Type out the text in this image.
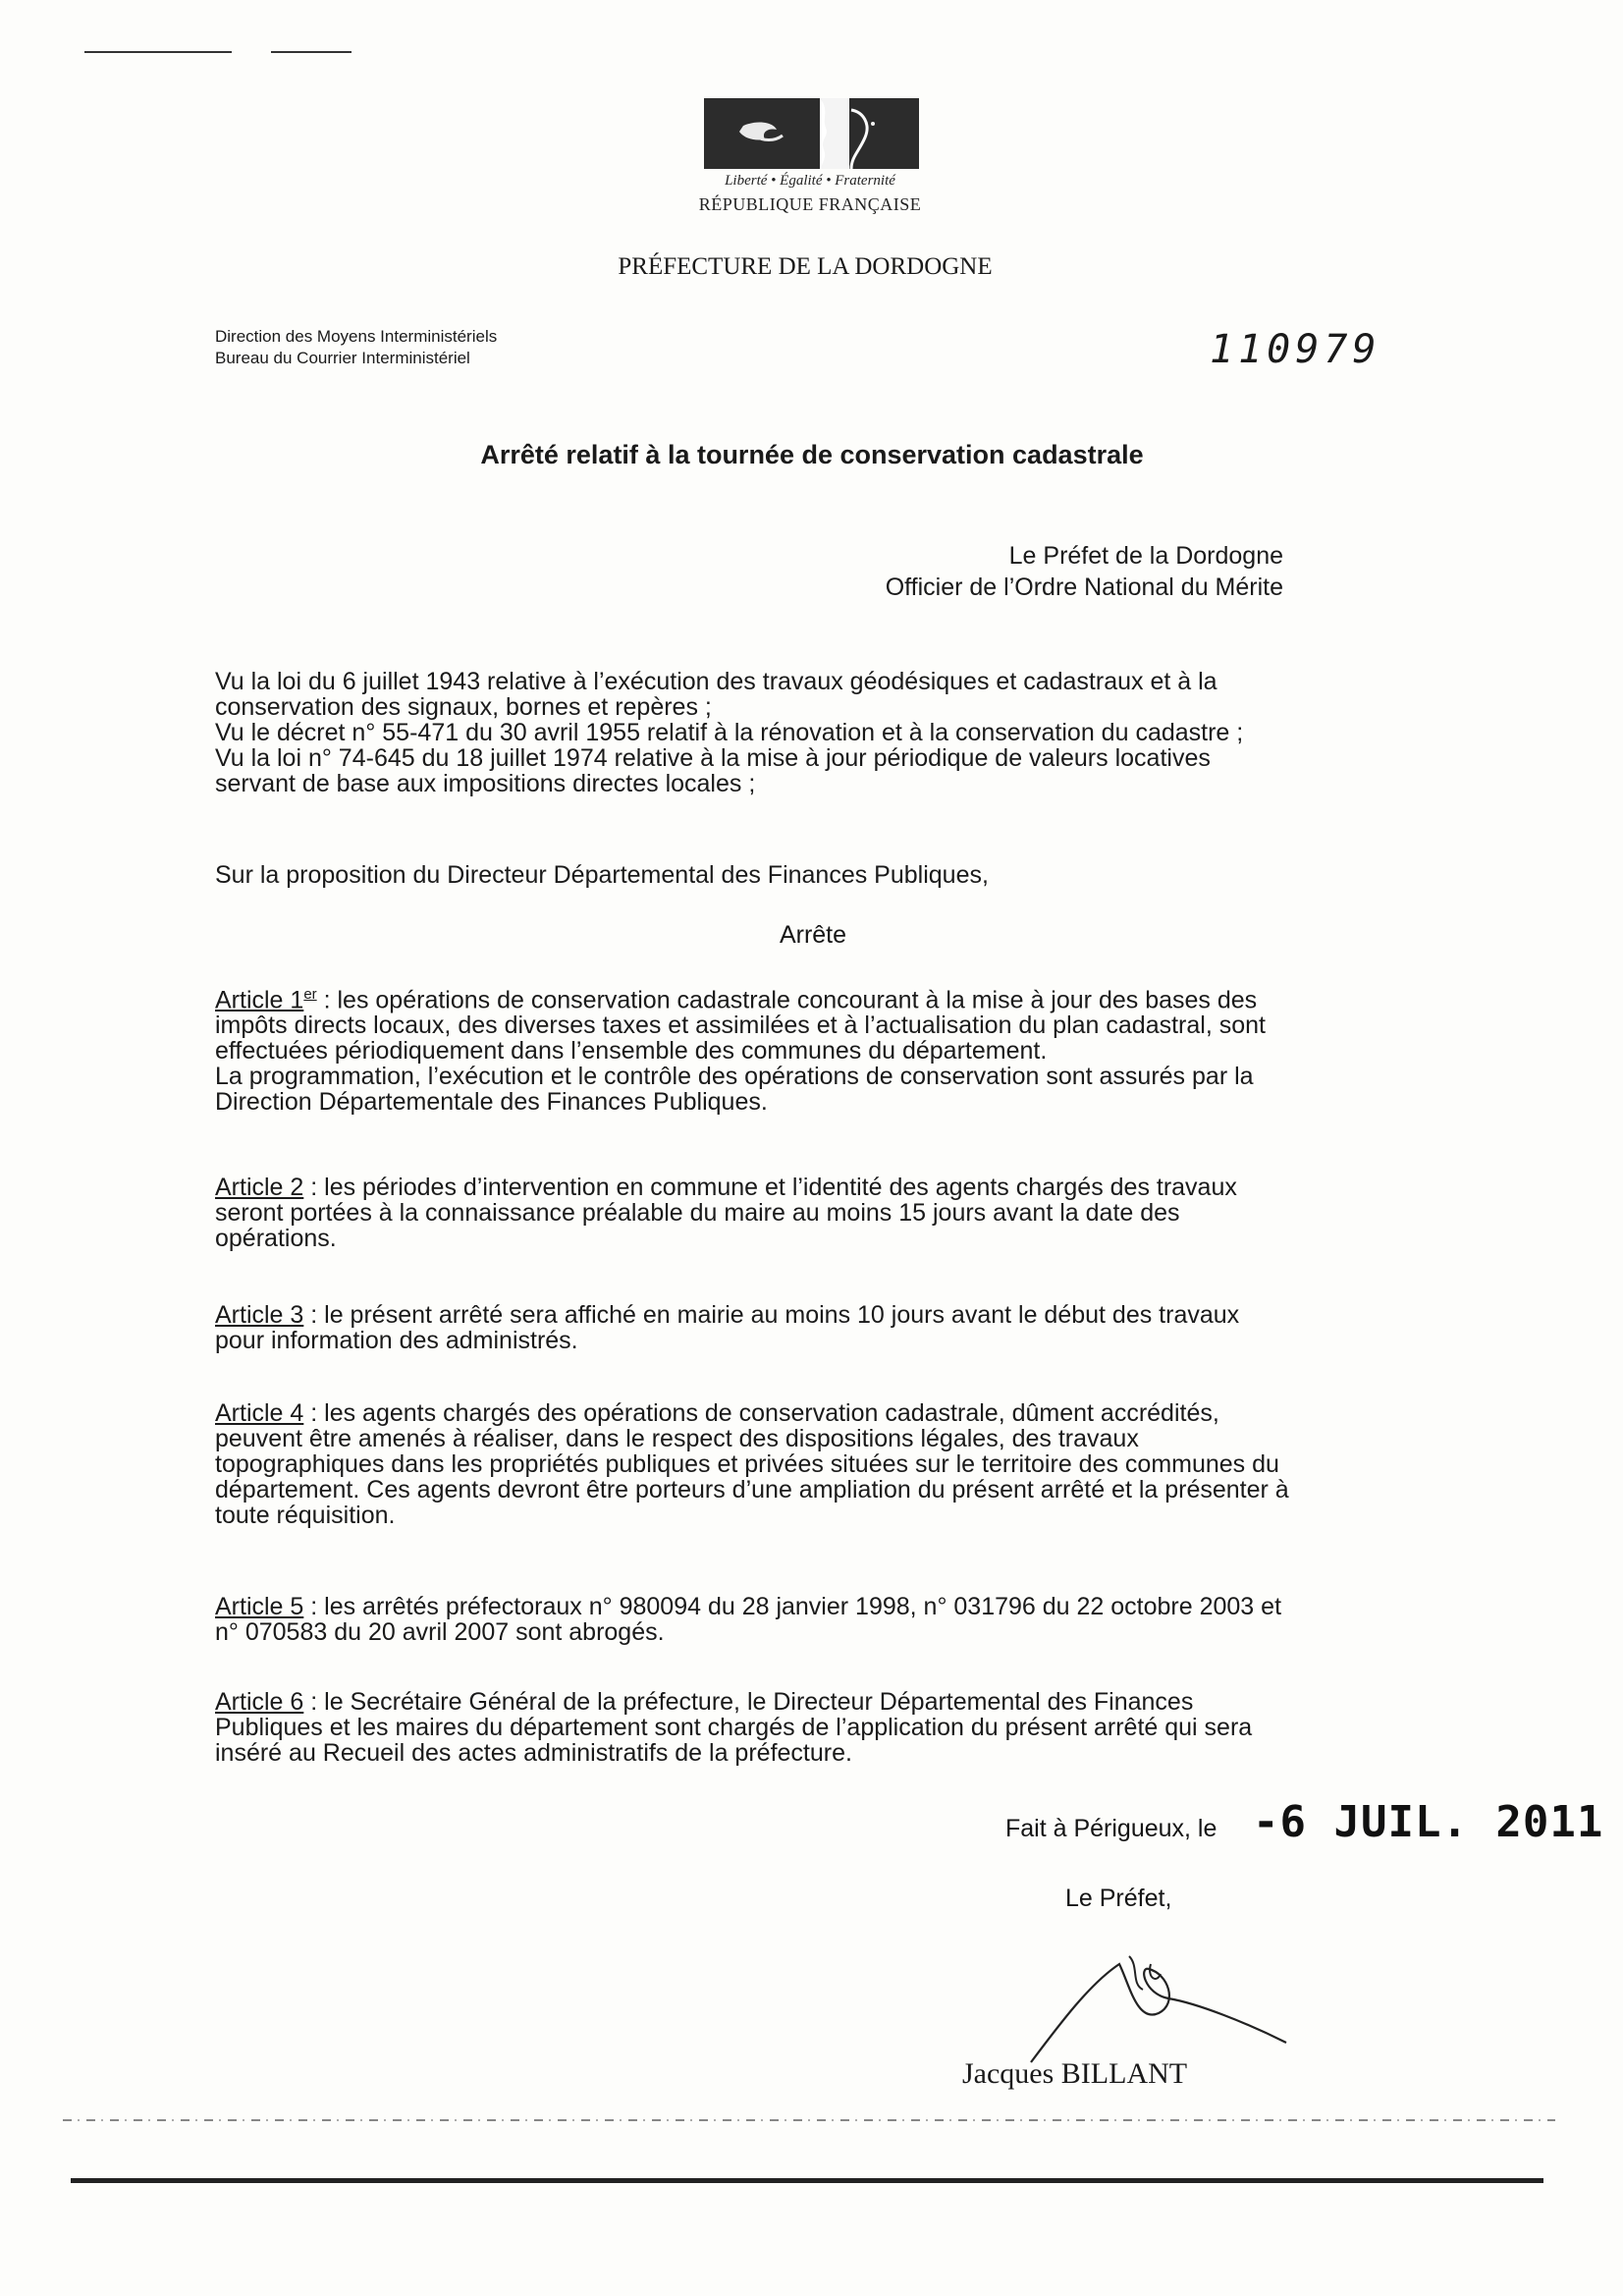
Liberté • Égalité • Fraternité
RÉPUBLIQUE FRANÇAISE
PRÉFECTURE DE LA DORDOGNE
Direction des Moyens Interministériels
Bureau du Courrier Interministériel	110979
Arrêté relatif à la tournée de conservation cadastrale
Le Préfet de la Dordogne
Officier de l’Ordre National du Mérite
Vu la loi du 6 juillet 1943 relative à l’exécution des travaux géodésiques et cadastraux et à la
conservation des signaux, bornes et repères ;
Vu le décret n° 55-471 du 30 avril 1955 relatif à la rénovation et à la conservation du cadastre ;
Vu la loi n° 74-645 du 18 juillet 1974 relative à la mise à jour périodique de valeurs locatives
servant de base aux impositions directes locales ;
Sur la proposition du Directeur Départemental des Finances Publiques,
Arrête
Article 1er : les opérations de conservation cadastrale concourant à la mise à jour des bases des
impôts directs locaux, des diverses taxes et assimilées et à l’actualisation du plan cadastral, sont
effectuées périodiquement dans l’ensemble des communes du département.
La programmation, l’exécution et le contrôle des opérations de conservation sont assurés par la
Direction Départementale des Finances Publiques.
Article 2 : les périodes d’intervention en commune et l’identité des agents chargés des travaux
seront portées à la connaissance préalable du maire au moins 15 jours avant la date des
opérations.
Article 3 : le présent arrêté sera affiché en mairie au moins 10 jours avant le début des travaux
pour information des administrés.
Article 4 : les agents chargés des opérations de conservation cadastrale, dûment accrédités,
peuvent être amenés à réaliser, dans le respect des dispositions légales, des travaux
topographiques dans les propriétés publiques et privées situées sur le territoire des communes du
département. Ces agents devront être porteurs d’une ampliation du présent arrêté et la présenter à
toute réquisition.
Article 5 : les arrêtés préfectoraux n° 980094 du 28 janvier 1998, n° 031796 du 22 octobre 2003 et
n° 070583 du 20 avril 2007 sont abrogés.
Article 6 : le Secrétaire Général de la préfecture, le Directeur Départemental des Finances
Publiques et les maires du département sont chargés de l’application du présent arrêté qui sera
inséré au Recueil des actes administratifs de la préfecture.
Fait à Périgueux, le -6 JUIL. 2011
Le Préfet,
Jacques BILLANT
